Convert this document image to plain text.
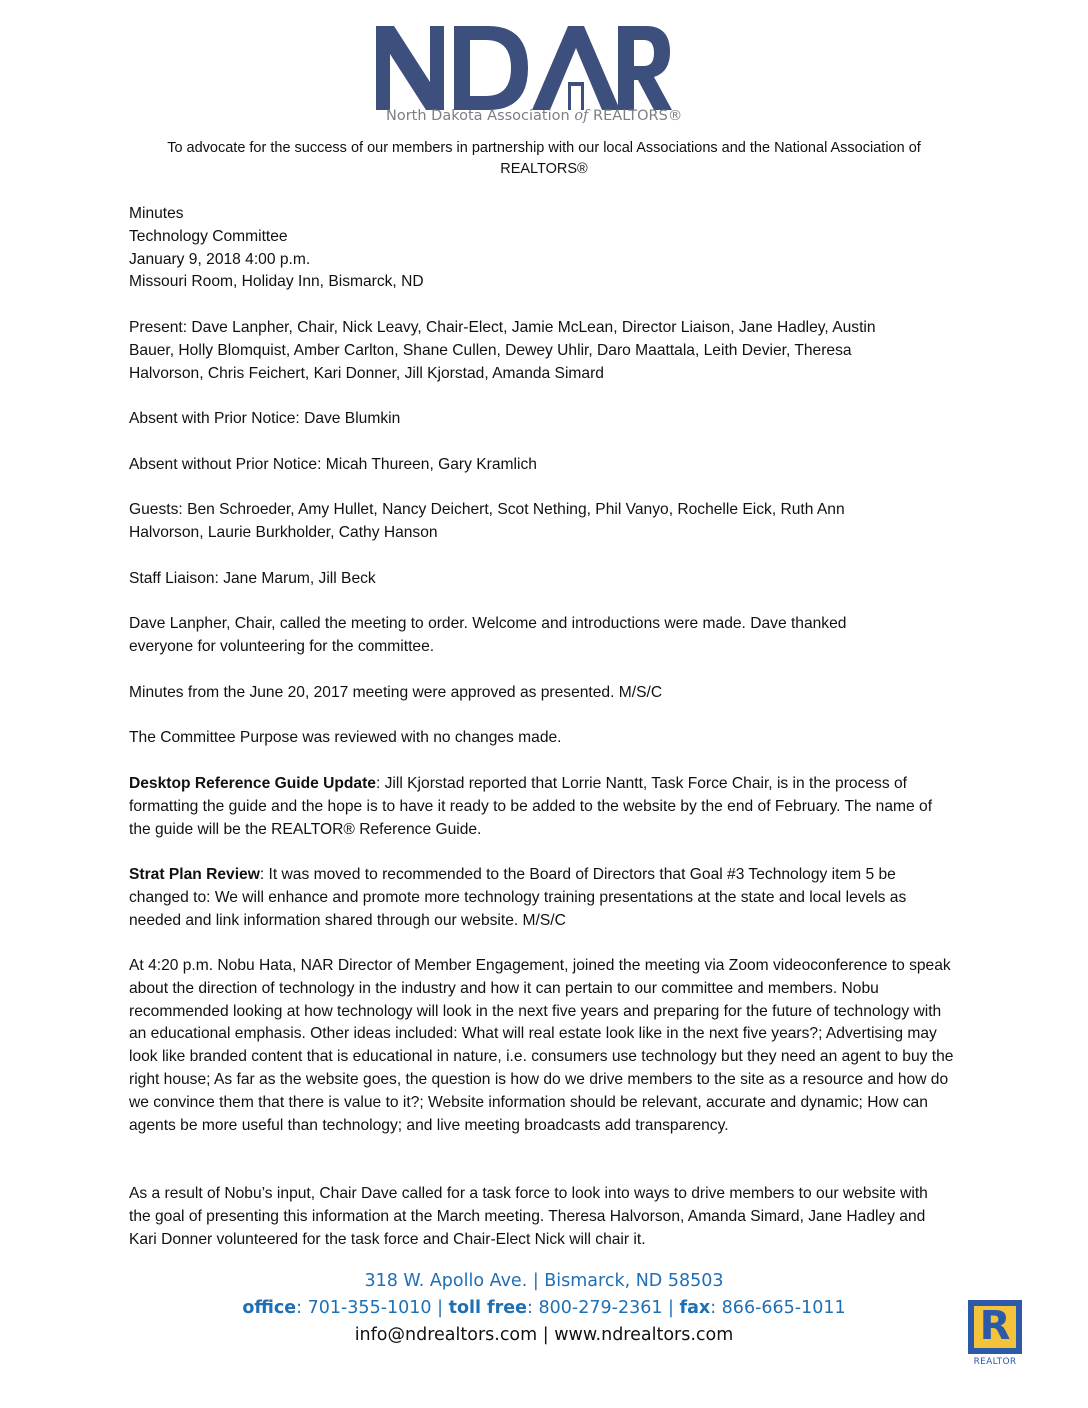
North Dakota Association of REALTORS®
To advocate for the success of our members in partnership with our local Associations and the National Association of
REALTORS®

Minutes

Technology Committee

January 9, 2018 4:00 p.m.

Missouri Room, Holiday Inn, Bismarck, ND

Present: Dave Lanpher, Chair, Nick Leavy, Chair-Elect, Jamie McLean, Director Liaison, Jane Hadley, Austin Bauer, Holly Blomquist, Amber Carlton, Shane Cullen, Dewey Uhlir, Daro Maattala, Leith Devier, Theresa Halvorson, Chris Feichert, Kari Donner, Jill Kjorstad, Amanda Simard

Absent with Prior Notice: Dave Blumkin

Absent without Prior Notice: Micah Thureen, Gary Kramlich

Guests: Ben Schroeder, Amy Hullet, Nancy Deichert, Scot Nething, Phil Vanyo, Rochelle Eick, Ruth Ann Halvorson, Laurie Burkholder, Cathy Hanson

Staff Liaison: Jane Marum, Jill Beck

Dave Lanpher, Chair, called the meeting to order. Welcome and introductions were made. Dave thanked everyone for volunteering for the committee.

Minutes from the June 20, 2017 meeting were approved as presented. M/S/C

The Committee Purpose was reviewed with no changes made.

Desktop Reference Guide Update: Jill Kjorstad reported that Lorrie Nantt, Task Force Chair, is in the process of formatting the guide and the hope is to have it ready to be added to the website by the end of February. The name of the guide will be the REALTOR® Reference Guide.

Strat Plan Review: It was moved to recommended to the Board of Directors that Goal #3 Technology item 5 be changed to: We will enhance and promote more technology training presentations at the state and local levels as needed and link information shared through our website. M/S/C

At 4:20 p.m. Nobu Hata, NAR Director of Member Engagement, joined the meeting via Zoom videoconference to speak about the direction of technology in the industry and how it can pertain to our committee and members. Nobu recommended looking at how technology will look in the next five years and preparing for the future of technology with an educational emphasis. Other ideas included: What will real estate look like in the next five years?; Advertising may look like branded content that is educational in nature, i.e. consumers use technology but they need an agent to buy the right house; As far as the website goes, the question is how do we drive members to the site as a resource and how do we convince them that there is value to it?; Website information should be relevant, accurate and dynamic; How can agents be more useful than technology; and live meeting broadcasts add transparency.

As a result of Nobu’s input, Chair Dave called for a task force to look into ways to drive members to our website with the goal of presenting this information at the March meeting. Theresa Halvorson, Amanda Simard, Jane Hadley and Kari Donner volunteered for the task force and Chair-Elect Nick will chair it.

318 W. Apollo Ave. | Bismarck, ND 58503
office: 701-355-1010 | toll free: 800-279-2361 | fax: 866-665-1011
info@ndrealtors.com | www.ndrealtors.com	R
REALTOR
